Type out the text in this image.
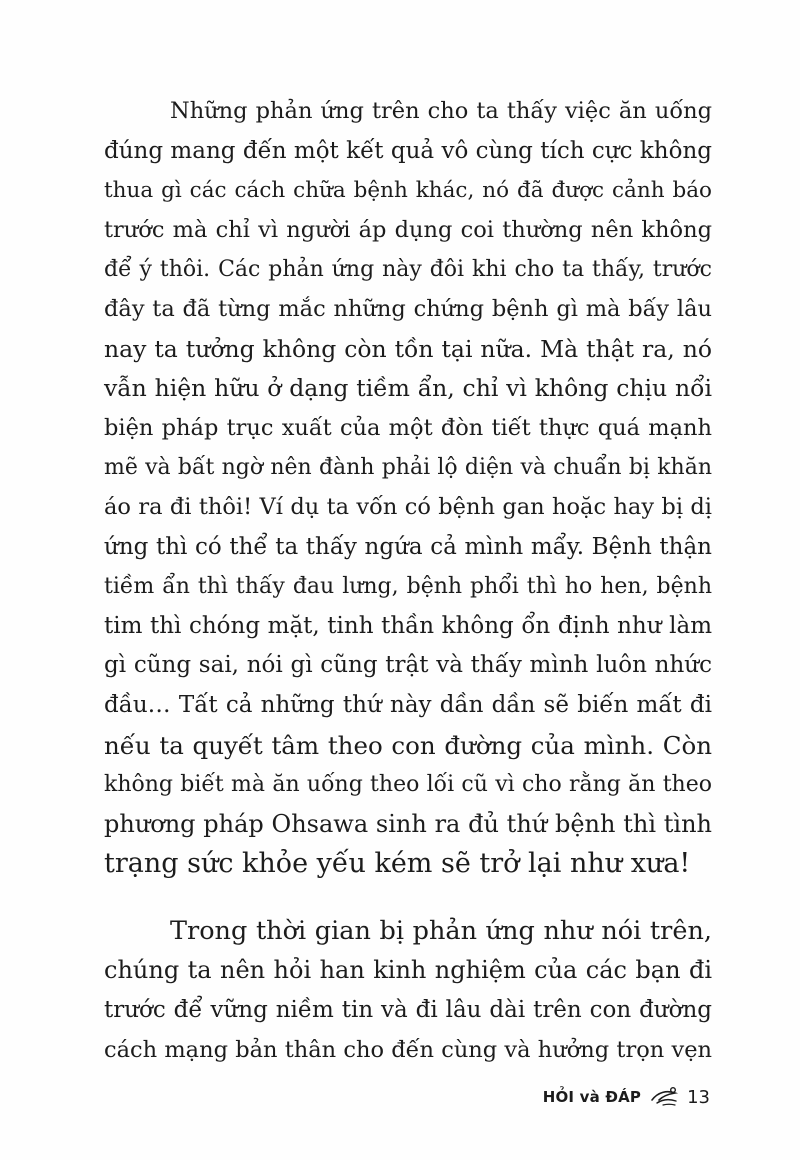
Những phản ứng trên cho ta thấy việc ăn uống
đúng mang đến một kết quả vô cùng tích cực không
thua gì các cách chữa bệnh khác, nó đã được cảnh báo
trước mà chỉ vì người áp dụng coi thường nên không
để ý thôi. Các phản ứng này đôi khi cho ta thấy, trước
đây ta đã từng mắc những chứng bệnh gì mà bấy lâu
nay ta tưởng không còn tồn tại nữa. Mà thật ra, nó
vẫn hiện hữu ở dạng tiềm ẩn, chỉ vì không chịu nổi
biện pháp trục xuất của một đòn tiết thực quá mạnh
mẽ và bất ngờ nên đành phải lộ diện và chuẩn bị khăn
áo ra đi thôi! Ví dụ ta vốn có bệnh gan hoặc hay bị dị
ứng thì có thể ta thấy ngứa cả mình mẩy. Bệnh thận
tiềm ẩn thì thấy đau lưng, bệnh phổi thì ho hen, bệnh
tim thì chóng mặt, tinh thần không ổn định như làm
gì cũng sai, nói gì cũng trật và thấy mình luôn nhức
đầu… Tất cả những thứ này dần dần sẽ biến mất đi
nếu ta quyết tâm theo con đường của mình. Còn
không biết mà ăn uống theo lối cũ vì cho rằng ăn theo
phương pháp Ohsawa sinh ra đủ thứ bệnh thì tình
trạng sức khỏe yếu kém sẽ trở lại như xưa!
Trong thời gian bị phản ứng như nói trên,
chúng ta nên hỏi han kinh nghiệm của các bạn đi
trước để vững niềm tin và đi lâu dài trên con đường
cách mạng bản thân cho đến cùng và hưởng trọn vẹn
HỎI và ĐÁP	13
